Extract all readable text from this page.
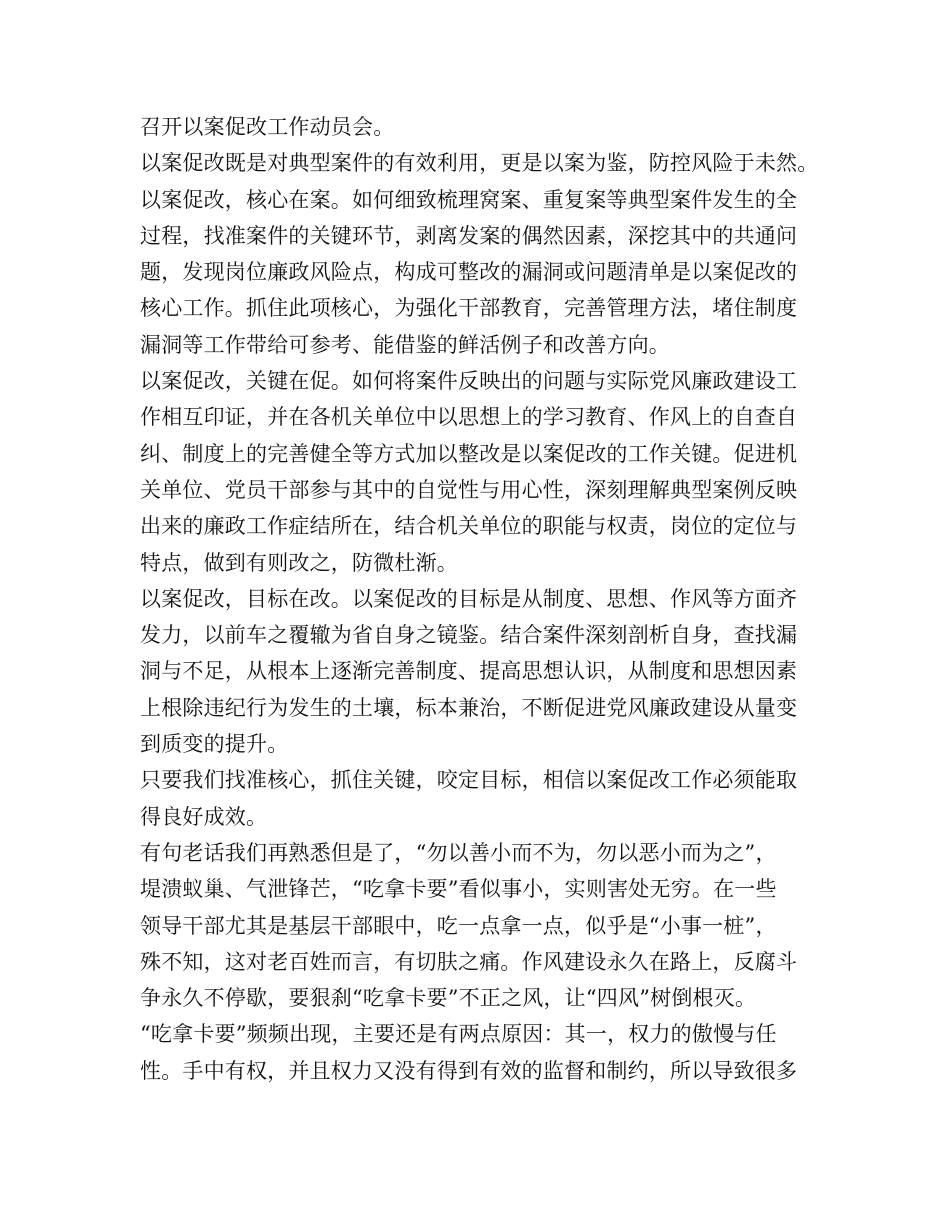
召开以案促改工作动员会。
以案促改既是对典型案件的有效利用，更是以案为鉴，防控风险于未然。
以案促改，核心在案。如何细致梳理窝案、重复案等典型案件发生的全
过程，找准案件的关键环节，剥离发案的偶然因素，深挖其中的共通问
题，发现岗位廉政风险点，构成可整改的漏洞或问题清单是以案促改的
核心工作。抓住此项核心，为强化干部教育，完善管理方法，堵住制度
漏洞等工作带给可参考、能借鉴的鲜活例子和改善方向。
以案促改，关键在促。如何将案件反映出的问题与实际党风廉政建设工
作相互印证，并在各机关单位中以思想上的学习教育、作风上的自查自
纠、制度上的完善健全等方式加以整改是以案促改的工作关键。促进机
关单位、党员干部参与其中的自觉性与用心性，深刻理解典型案例反映
出来的廉政工作症结所在，结合机关单位的职能与权责，岗位的定位与
特点，做到有则改之，防微杜渐。
以案促改，目标在改。以案促改的目标是从制度、思想、作风等方面齐
发力，以前车之覆辙为省自身之镜鉴。结合案件深刻剖析自身，查找漏
洞与不足，从根本上逐渐完善制度、提高思想认识，从制度和思想因素
上根除违纪行为发生的土壤，标本兼治，不断促进党风廉政建设从量变
到质变的提升。
只要我们找准核心，抓住关键，咬定目标，相信以案促改工作必须能取
得良好成效。
有句老话我们再熟悉但是了，“勿以善小而不为，勿以恶小而为之”，
堤溃蚁巢、气泄锋芒，“吃拿卡要”看似事小，实则害处无穷。在一些
领导干部尤其是基层干部眼中，吃一点拿一点，似乎是“小事一桩”，
殊不知，这对老百姓而言，有切肤之痛。作风建设永久在路上，反腐斗
争永久不停歇，要狠刹“吃拿卡要”不正之风，让“四风”树倒根灭。
“吃拿卡要”频频出现，主要还是有两点原因：其一，权力的傲慢与任
性。手中有权，并且权力又没有得到有效的监督和制约，所以导致很多
